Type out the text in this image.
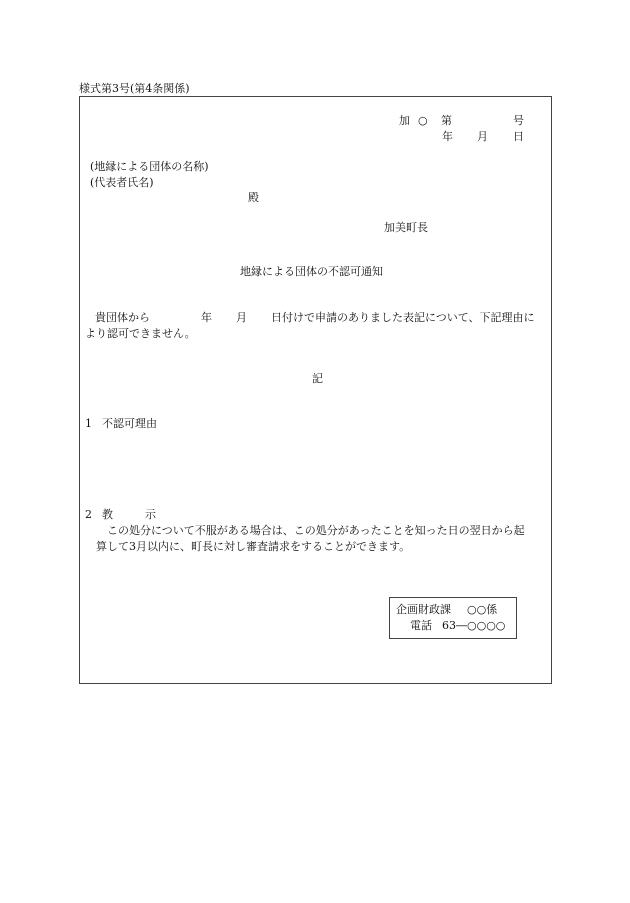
様式第3号(第4条関係)
加 ○ 第	号
年 月 日
(地縁による団体の名称)
(代表者氏名)
殿
加美町長
地縁による団体の不認可通知
貴団体から	年 月 日付けで申請のありました表記について、下記理由に
より認可できません。
記
1 不認可理由
2 教	示
この処分について不服がある場合は、この処分があったことを知った日の翌日から起
算して3月以内に、町長に対し審査請求をすることができます。
企画財政課 ○○係
電話 63―○○○○
